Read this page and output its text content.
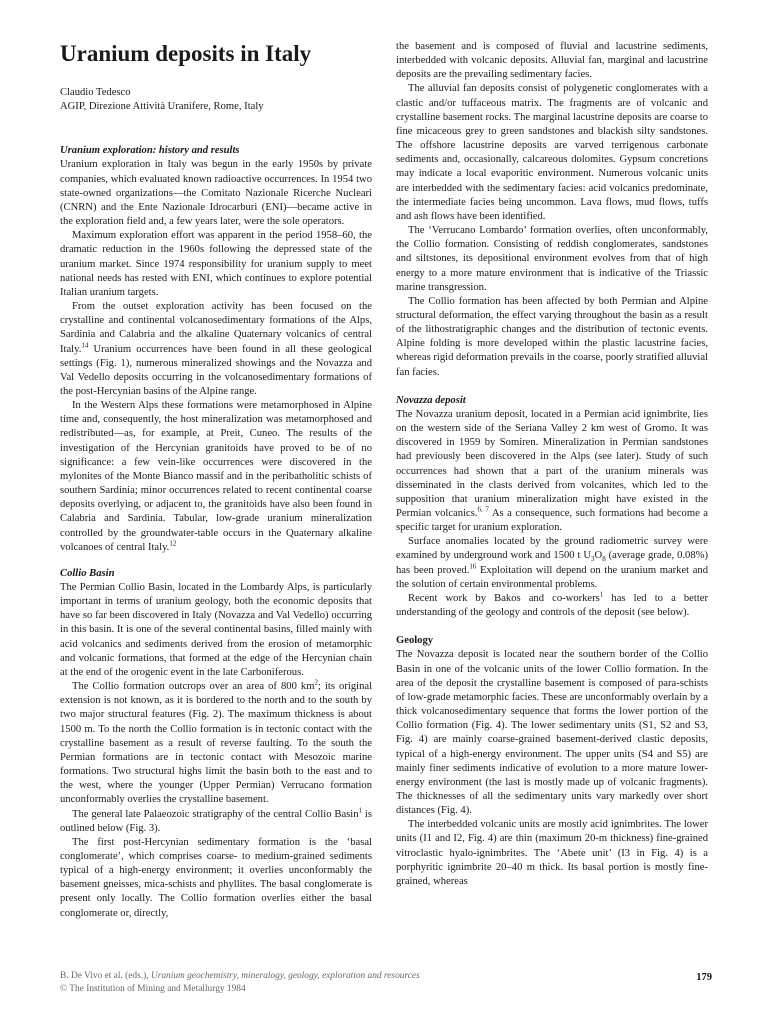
Uranium deposits in Italy
Claudio Tedesco
AGIP, Direzione Attività Uranifere, Rome, Italy
Uranium exploration: history and results

Uranium exploration in Italy was begun in the early 1950s by private companies, which evaluated known radioactive occurrences. In 1954 two state-owned organizations—the Comitato Nazionale Ricerche Nucleari (CNRN) and the Ente Nazionale Idrocarburi (ENI)—became active in the exploration field and, a few years later, were the sole operators.

Maximum exploration effort was apparent in the period 1958–60, the dramatic reduction in the 1960s following the depressed state of the uranium market. Since 1974 responsibility for uranium supply to meet national needs has rested with ENI, which continues to explore potential Italian uranium targets.

From the outset exploration activity has been focused on the crystalline and continental volcanosedimentary formations of the Alps, Sardinia and Calabria and the alkaline Quaternary volcanics of central Italy.$^{14}$ Uranium occurrences have been found in all these geological settings (Fig. 1), numerous mineralized showings and the Novazza and Val Vedello deposits occurring in the volcanosedimentary formations of the post-Hercynian basins of the Alpine range.

In the Western Alps these formations were metamorphosed in Alpine time and, consequently, the host mineralization was metamorphosed and redistributed—as, for example, at Preit, Cuneo. The results of the investigation of the Hercynian granitoids have proved to be of no significance: a few vein-like occurrences were discovered in the mylonites of the Monte Bianco massif and in the peribatholitic schists of southern Sardinia; minor occurrences related to recent continental coarse deposits overlying, or adjacent to, the granitoids have also been found in Calabria and Sardinia. Tabular, low-grade uranium mineralization controlled by the groundwater-table occurs in the Quaternary alkaline volcanoes of central Italy.$^{12}$

Collio Basin

The Permian Collio Basin, located in the Lombardy Alps, is particularly important in terms of uranium geology, both the economic deposits that have so far been discovered in Italy (Novazza and Val Vedello) occurring in this basin. It is one of the several continental basins, filled mainly with acid volcanics and sediments derived from the erosion of metamorphic and volcanic formations, that formed at the edge of the Hercynian chain at the end of the orogenic event in the late Carboniferous.

The Collio formation outcrops over an area of 800 $km^2$; its original extension is not known, as it is bordered to the north and to the south by two major structural features (Fig. 2). The maximum thickness is about 1500 m. To the north the Collio formation is in tectonic contact with the crystalline basement as a result of reverse faulting. To the south the Permian formations are in tectonic contact with Mesozoic marine formations. Two structural highs limit the basin both to the east and to the west, where the younger (Upper Permian) Verrucano formation unconformably overlies the crystalline basement.

The general late Palaeozoic stratigraphy of the central Collio Basin$^1$ is outlined below (Fig. 3).

The first post-Hercynian sedimentary formation is the ‘basal conglomerate’, which comprises coarse- to medium-grained sediments typical of a high-energy environment; it overlies unconformably the basement gneisses, mica-schists and phyllites. The basal conglomerate is present only locally. The Collio formation overlies either the basal conglomerate or, directly,

the basement and is composed of fluvial and lacustrine sediments, interbedded with volcanic deposits. Alluvial fan, marginal and lacustrine deposits are the prevailing sedimentary facies.

The alluvial fan deposits consist of polygenetic conglomerates with a clastic and/or tuffaceous matrix. The fragments are of volcanic and crystalline basement rocks. The marginal lacustrine deposits are coarse to fine micaceous grey to green sandstones and blackish silty sandstones. The offshore lacustrine deposits are varved terrigenous carbonate sediments and, occasionally, calcareous dolomites. Gypsum concretions may indicate a local evaporitic environment. Numerous volcanic units are interbedded with the sedimentary facies: acid volcanics predominate, the intermediate facies being uncommon. Lava flows, mud flows, tuffs and ash flows have been identified.

The ‘Verrucano Lombardo’ formation overlies, often unconformably, the Collio formation. Consisting of reddish conglomerates, sandstones and siltstones, its depositional environment evolves from that of high energy to a more mature environment that is indicative of the Triassic marine transgression.

The Collio formation has been affected by both Permian and Alpine structural deformation, the effect varying throughout the basin as a result of the lithostratigraphic changes and the distribution of tectonic events. Alpine folding is more developed within the plastic lacustrine facies, whereas rigid deformation prevails in the coarse, poorly stratified alluvial fan facies.

Novazza deposit

The Novazza uranium deposit, located in a Permian acid ignimbrite, lies on the western side of the Seriana Valley 2 km west of Gromo. It was discovered in 1959 by Somiren. Mineralization in Permian sandstones had previously been discovered in the Alps (see later). Study of such occurrences had shown that a part of the uranium minerals was disseminated in the clasts derived from volcanites, which led to the supposition that uranium mineralization might have existed in the Permian volcanics.$^{6, 7}$ As a consequence, such formations had become a specific target for uranium exploration.

Surface anomalies located by the ground radiometric survey were examined by underground work and 1500 t $U_3O_8$ (average grade, 0.08%) has been proved.$^{16}$ Exploitation will depend on the uranium market and the solution of certain environmental problems.

Recent work by Bakos and co-workers$^1$ has led to a better understanding of the geology and controls of the deposit (see below).

Geology

The Novazza deposit is located near the southern border of the Collio Basin in one of the volcanic units of the lower Collio formation. In the area of the deposit the crystalline basement is composed of para-schists of low-grade metamorphic facies. These are unconformably overlain by a thick volcanosedimentary sequence that forms the lower portion of the Collio formation (Fig. 4). The lower sedimentary units (S1, S2 and S3, Fig. 4) are mainly coarse-grained basement-derived clastic deposits, typical of a high-energy environment. The upper units (S4 and S5) are mainly finer sediments indicative of evolution to a more mature lower-energy environment (the last is mostly made up of volcanic fragments). The thicknesses of all the sedimentary units vary markedly over short distances (Fig. 4).

The interbedded volcanic units are mostly acid ignimbrites. The lower units (I1 and I2, Fig. 4) are thin (maximum 20-m thickness) fine-grained vitroclastic hyalo-ignimbrites. The ‘Abete unit’ (I3 in Fig. 4) is a porphyritic ignimbrite 20–40 m thick. Its basal portion is mostly fine-grained, whereas

B. De Vivo et al. (eds.), Uranium geochemistry, mineralogy, geology, exploration and resources
© The Institution of Mining and Metallurgy 1984
179
